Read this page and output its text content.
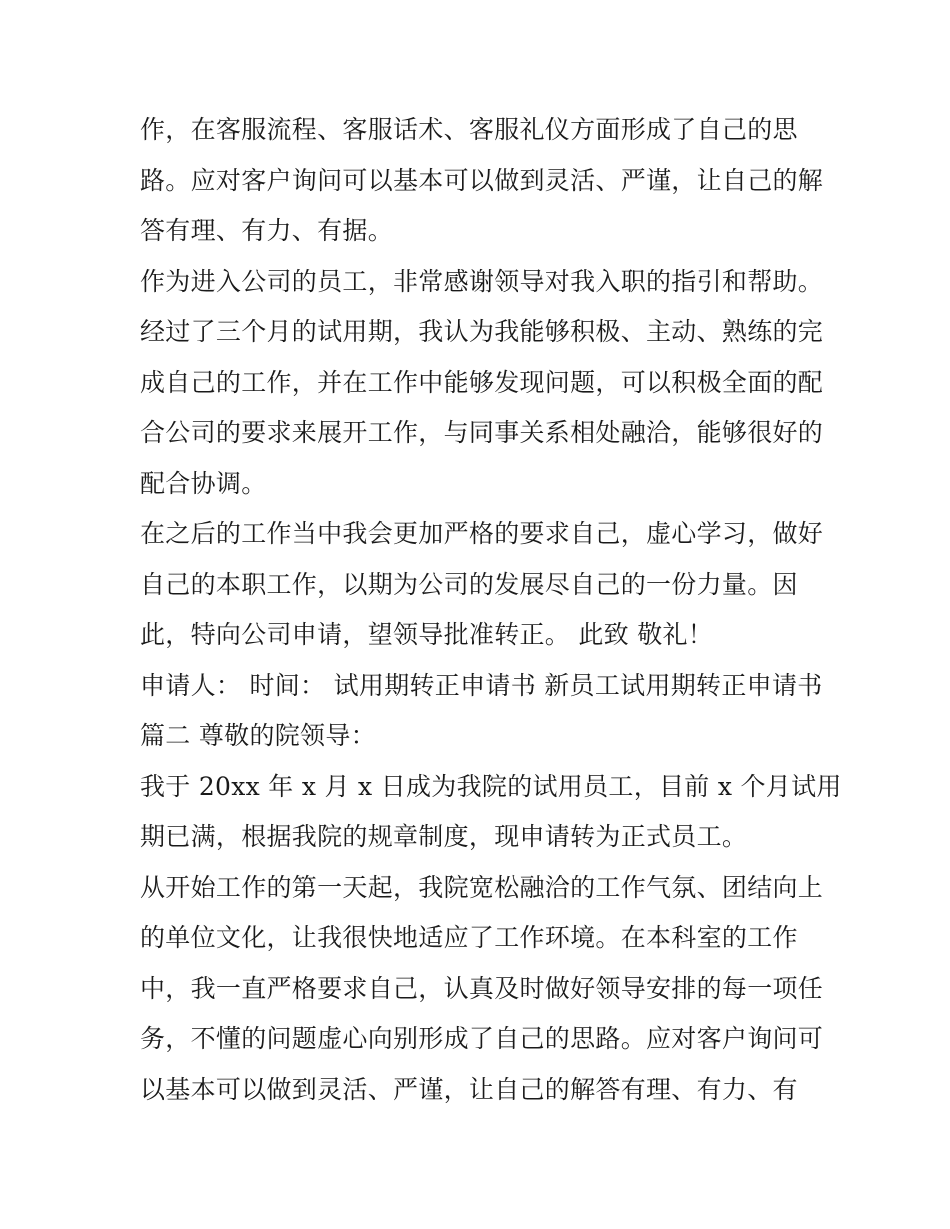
作，在客服流程、客服话术、客服礼仪方面形成了自己的思
路。应对客户询问可以基本可以做到灵活、严谨，让自己的解
答有理、有力、有据。
作为进入公司的员工，非常感谢领导对我入职的指引和帮助。
经过了三个月的试用期，我认为我能够积极、主动、熟练的完
成自己的工作，并在工作中能够发现问题，可以积极全面的配
合公司的要求来展开工作，与同事关系相处融洽，能够很好的
配合协调。
在之后的工作当中我会更加严格的要求自己，虚心学习，做好
自己的本职工作，以期为公司的发展尽自己的一份力量。因
此，特向公司申请，望领导批准转正。 此致 敬礼！
申请人： 时间： 试用期转正申请书 新员工试用期转正申请书
篇二 尊敬的院领导：
我于 20xx 年 x 月 x 日成为我院的试用员工，目前 x 个月试用
期已满，根据我院的规章制度，现申请转为正式员工。
从开始工作的第一天起，我院宽松融洽的工作气氛、团结向上
的单位文化，让我很快地适应了工作环境。在本科室的工作
中，我一直严格要求自己，认真及时做好领导安排的每一项任
务，不懂的问题虚心向别形成了自己的思路。应对客户询问可
以基本可以做到灵活、严谨，让自己的解答有理、有力、有
